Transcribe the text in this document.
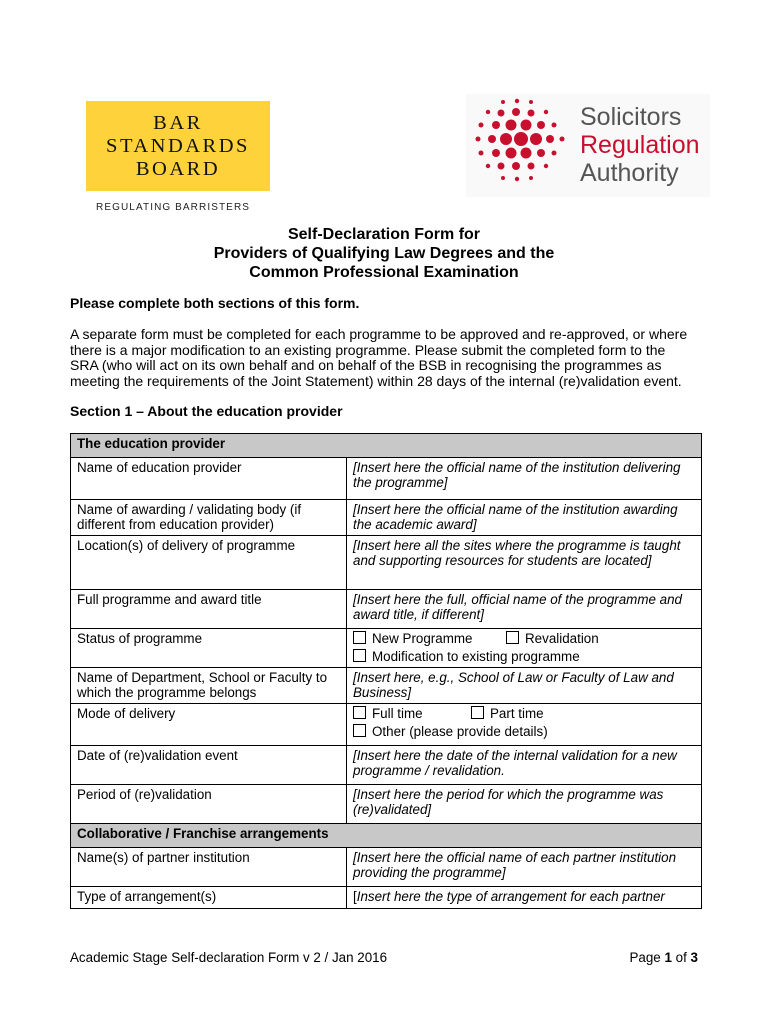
BAR
STANDARDS
BOARD
REGULATING BARRISTERS
Solicitors
Regulation
Authority
Self-Declaration Form for
Providers of Qualifying Law Degrees and the
Common Professional Examination
Please complete both sections of this form.
A separate form must be completed for each programme to be approved and re-approved, or where
there is a major modification to an existing programme. Please submit the completed form to the
SRA (who will act on its own behalf and on behalf of the BSB in recognising the programmes as
meeting the requirements of the Joint Statement) within 28 days of the internal (re)validation event.
Section 1 – About the education provider
The education provider	
Name of education provider	[Insert here the official name of the institution delivering the programme]
Name of awarding / validating body (if different from education provider)	[Insert here the official name of the institution awarding the academic award]
Location(s) of delivery of programme	[Insert here all the sites where the programme is taught and supporting resources for students are located]
Full programme and award title	[Insert here the full, official name of the programme and award title, if different]
Status of programme	New Programme Revalidation
Modification to existing programme
Name of Department, School or Faculty to which the programme belongs	[Insert here, e.g., School of Law or Faculty of Law and Business]
Mode of delivery	Full time Part time
Other (please provide details)
Date of (re)validation event	[Insert here the date of the internal validation for a new programme / revalidation.
Period of (re)validation	[Insert here the period for which the programme was (re)validated]
Collaborative / Franchise arrangements	
Name(s) of partner institution	[Insert here the official name of each partner institution providing the programme]
Type of arrangement(s)	[Insert here the type of arrangement for each partner
Academic Stage Self-declaration Form v 2 / Jan 2016	Page 1 of 3
